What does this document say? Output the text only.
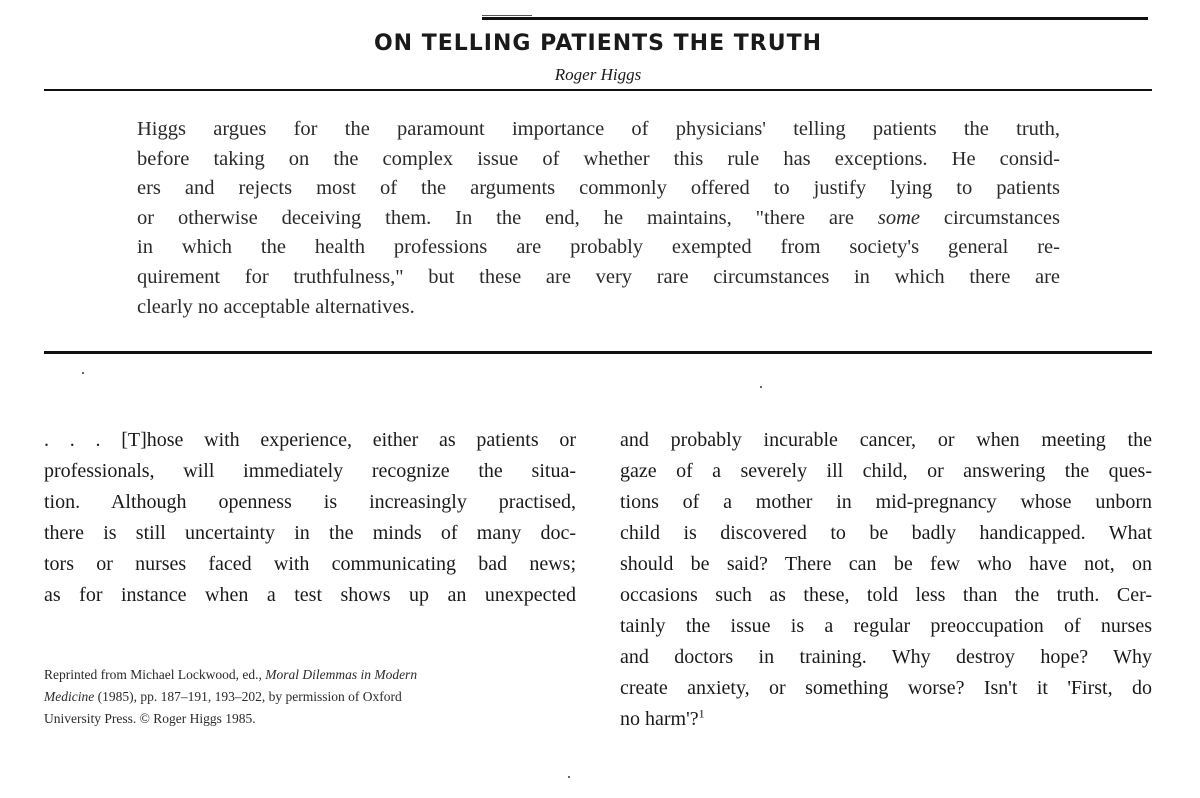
ON TELLING PATIENTS THE TRUTH
Roger Higgs
Higgs argues for the paramount importance of physicians' telling patients the truth,
before taking on the complex issue of whether this rule has exceptions. He consid-
ers and rejects most of the arguments commonly offered to justify lying to patients
or otherwise deceiving them. In the end, he maintains, "there are some circumstances
in which the health professions are probably exempted from society's general re-
quirement for truthfulness," but these are very rare circumstances in which there are
clearly no acceptable alternatives.
. . . [T]hose with experience, either as patients or
professionals, will immediately recognize the situa-
tion. Although openness is increasingly practised,
there is still uncertainty in the minds of many doc-
tors or nurses faced with communicating bad news;
as for instance when a test shows up an unexpected
Reprinted from Michael Lockwood, ed., Moral Dilemmas in Modern
Medicine (1985), pp. 187–191, 193–202, by permission of Oxford
University Press. © Roger Higgs 1985.
and probably incurable cancer, or when meeting the
gaze of a severely ill child, or answering the ques-
tions of a mother in mid-pregnancy whose unborn
child is discovered to be badly handicapped. What
should be said? There can be few who have not, on
occasions such as these, told less than the truth. Cer-
tainly the issue is a regular preoccupation of nurses
and doctors in training. Why destroy hope? Why
create anxiety, or something worse? Isn't it 'First, do
no harm'?$^1$
